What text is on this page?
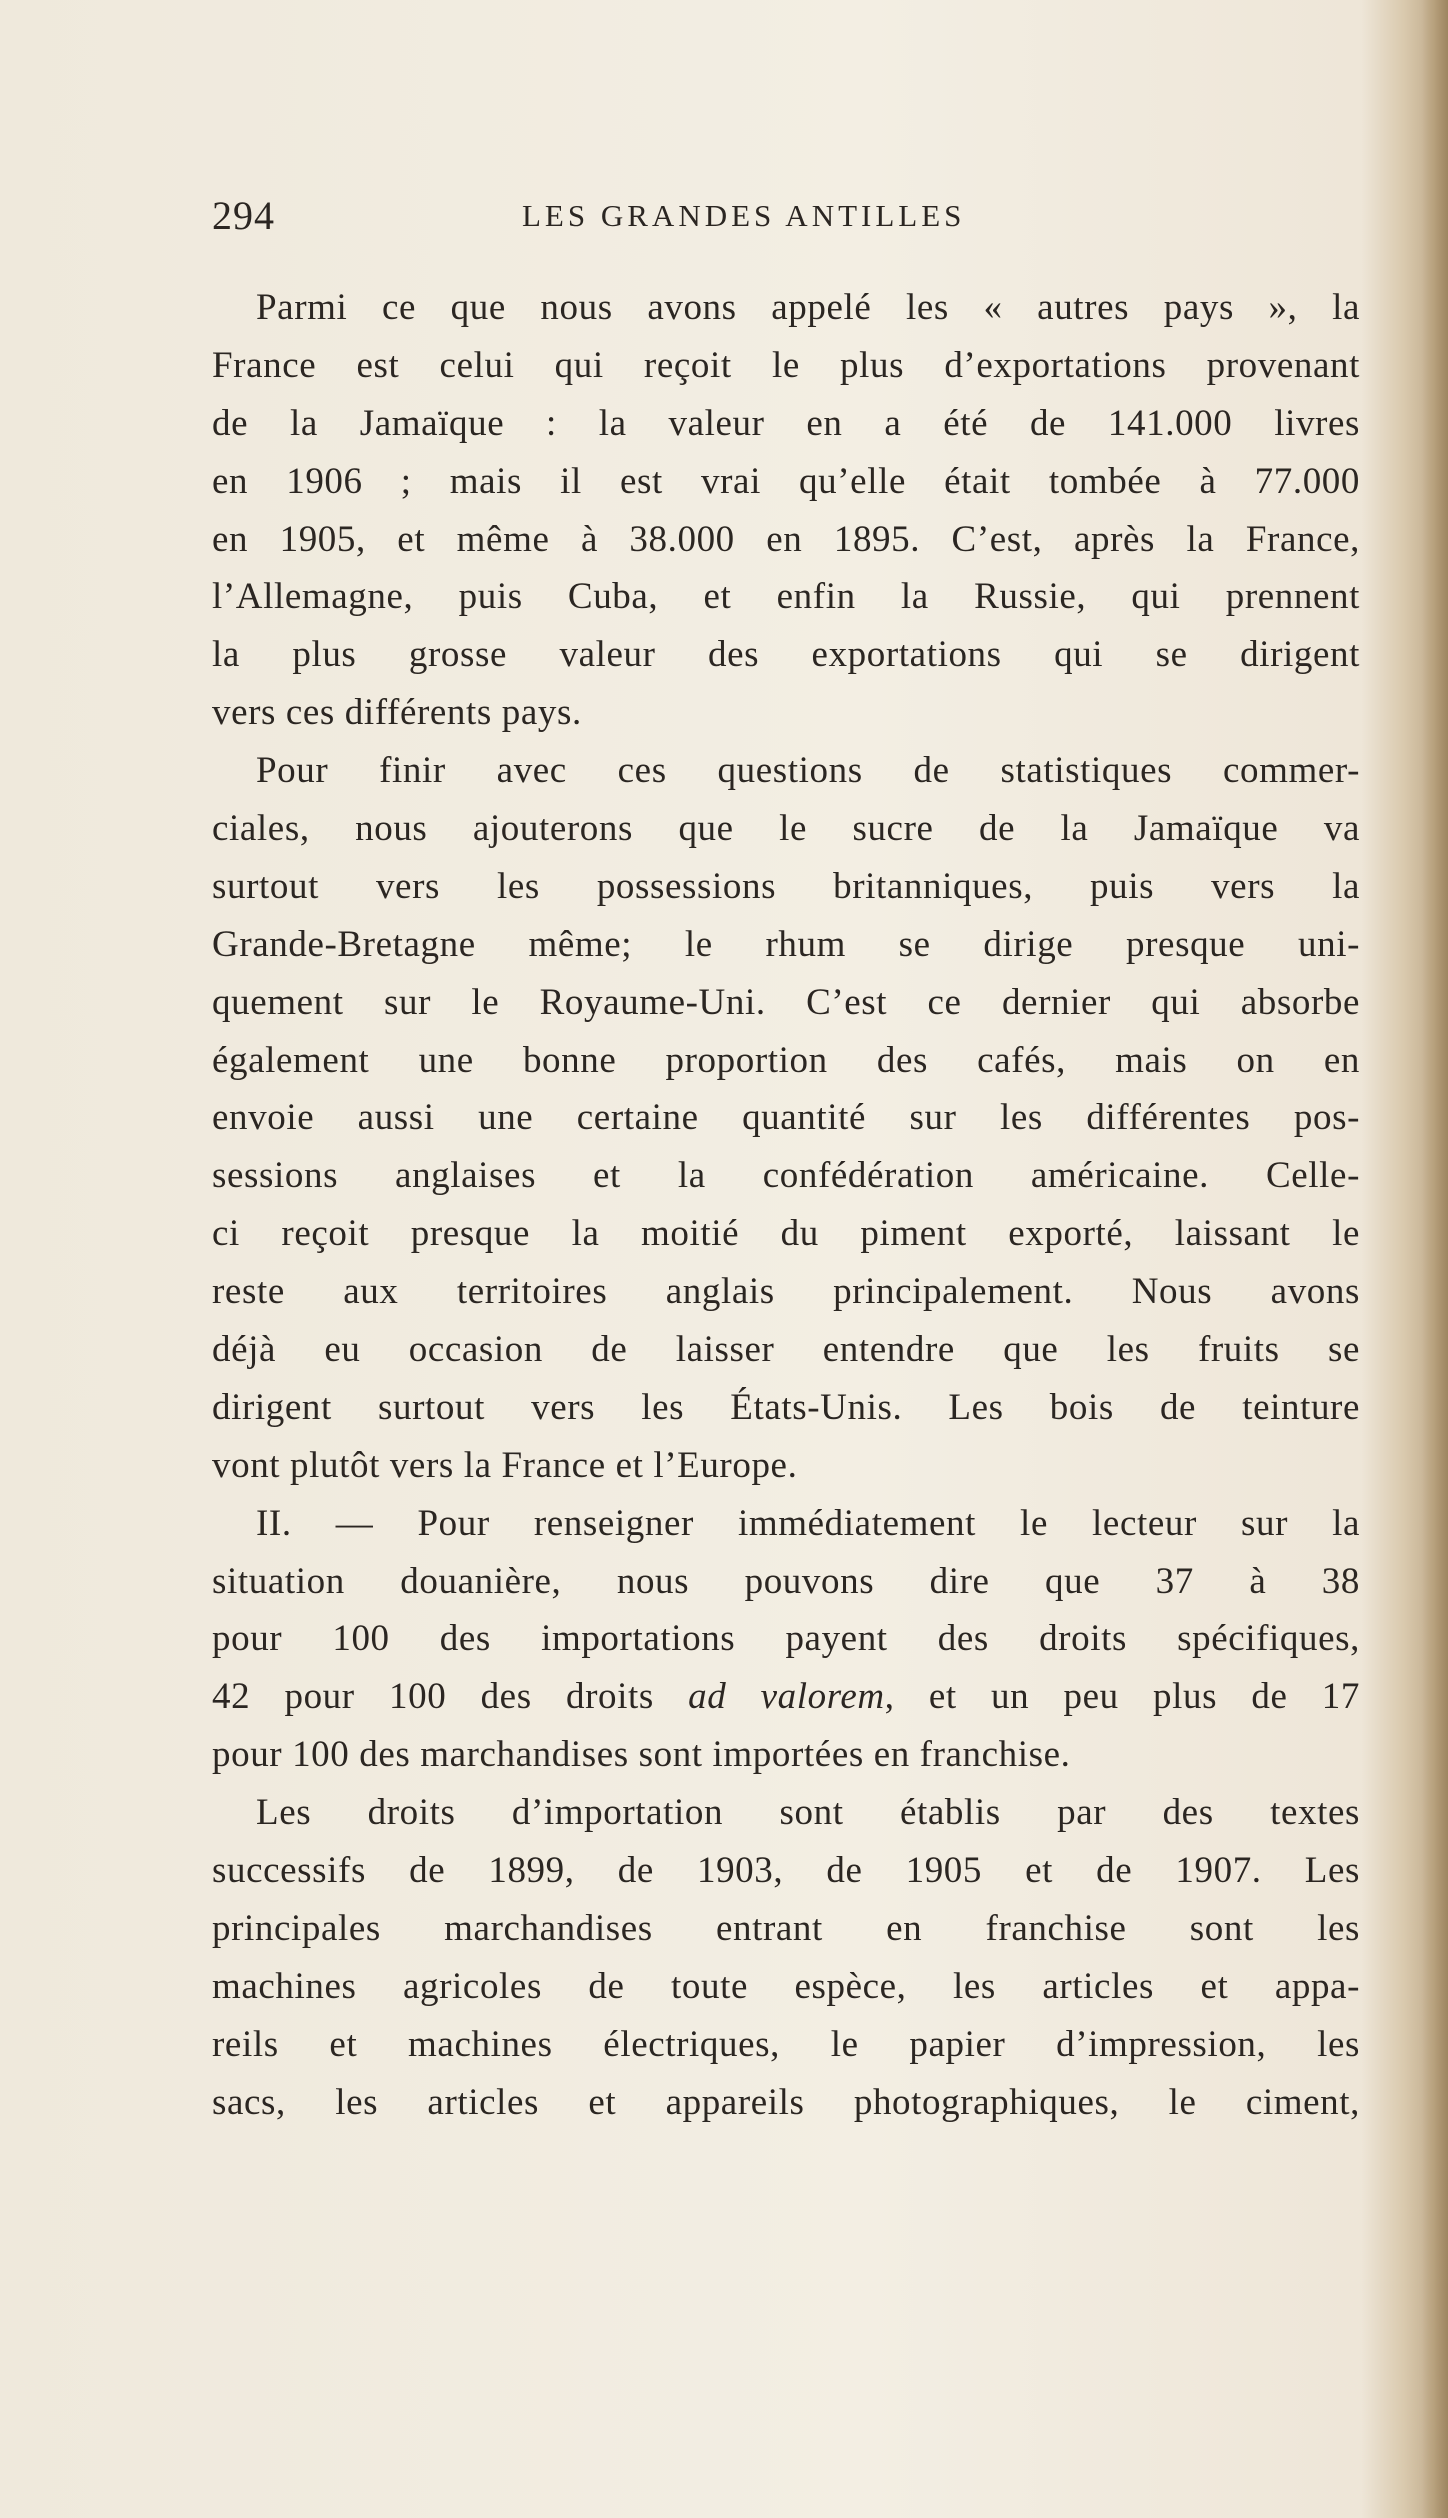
294	LES GRANDES ANTILLES
Parmi ce que nous avons appelé les « autres pays », la
France est celui qui reçoit le plus d’exportations provenant
de la Jamaïque : la valeur en a été de 141.000 livres
en 1906 ; mais il est vrai qu’elle était tombée à 77.000
en 1905, et même à 38.000 en 1895. C’est, après la France,
l’Allemagne, puis Cuba, et enfin la Russie, qui prennent
la plus grosse valeur des exportations qui se dirigent
vers ces différents pays.
Pour finir avec ces questions de statistiques commer-
ciales, nous ajouterons que le sucre de la Jamaïque va
surtout vers les possessions britanniques, puis vers la
Grande-Bretagne même; le rhum se dirige presque uni-
quement sur le Royaume-Uni. C’est ce dernier qui absorbe
également une bonne proportion des cafés, mais on en
envoie aussi une certaine quantité sur les différentes pos-
sessions anglaises et la confédération américaine. Celle-
ci reçoit presque la moitié du piment exporté, laissant le
reste aux territoires anglais principalement. Nous avons
déjà eu occasion de laisser entendre que les fruits se
dirigent surtout vers les États-Unis. Les bois de teinture
vont plutôt vers la France et l’Europe.
II. — Pour renseigner immédiatement le lecteur sur la
situation douanière, nous pouvons dire que 37 à 38
pour 100 des importations payent des droits spécifiques,
42 pour 100 des droits ad valorem, et un peu plus de 17
pour 100 des marchandises sont importées en franchise.
Les droits d’importation sont établis par des textes
successifs de 1899, de 1903, de 1905 et de 1907. Les
principales marchandises entrant en franchise sont les
machines agricoles de toute espèce, les articles et appa-
reils et machines électriques, le papier d’impression, les
sacs, les articles et appareils photographiques, le ciment,
